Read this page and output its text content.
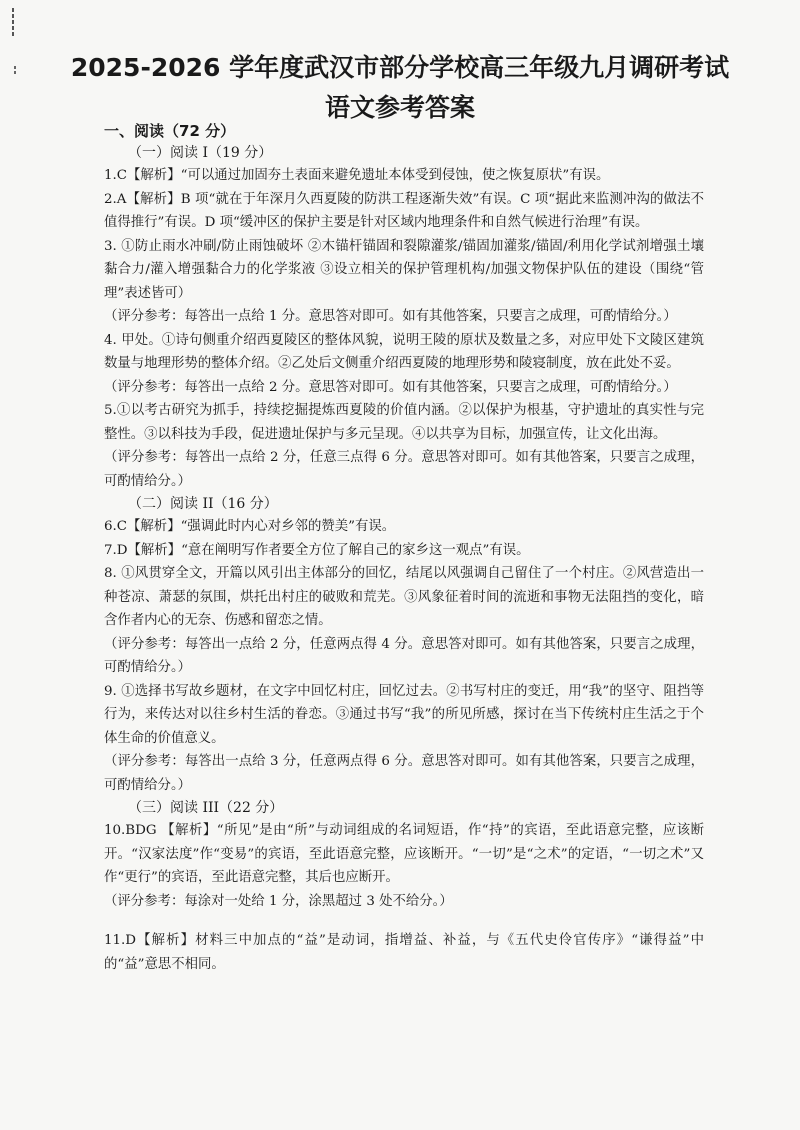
2025-2026 学年度武汉市部分学校高三年级九月调研考试
语文参考答案
一、阅读（72 分）
（一）阅读 I（19 分）

1.C【解析】“可以通过加固夯土表面来避免遗址本体受到侵蚀，使之恢复原状”有误。

2.A【解析】B 项“就在于年深月久西夏陵的防洪工程逐渐失效”有误。C 项“据此来监测冲沟的做法不值得推行”有误。D 项“缓冲区的保护主要是针对区域内地理条件和自然气候进行治理”有误。

3. ①防止雨水冲刷/防止雨蚀破坏 ②木锚杆锚固和裂隙灌浆/锚固加灌浆/锚固/利用化学试剂增强土壤黏合力/灌入增强黏合力的化学浆液 ③设立相关的保护管理机构/加强文物保护队伍的建设（围绕“管理”表述皆可）

（评分参考：每答出一点给 1 分。意思答对即可。如有其他答案，只要言之成理，可酌情给分。）

4. 甲处。①诗句侧重介绍西夏陵区的整体风貌，说明王陵的原状及数量之多，对应甲处下文陵区建筑数量与地理形势的整体介绍。②乙处后文侧重介绍西夏陵的地理形势和陵寝制度，放在此处不妥。

（评分参考：每答出一点给 2 分。意思答对即可。如有其他答案，只要言之成理，可酌情给分。）

5.①以考古研究为抓手，持续挖掘提炼西夏陵的价值内涵。②以保护为根基，守护遗址的真实性与完整性。③以科技为手段，促进遗址保护与多元呈现。④以共享为目标，加强宣传，让文化出海。

（评分参考：每答出一点给 2 分，任意三点得 6 分。意思答对即可。如有其他答案，只要言之成理，可酌情给分。）

（二）阅读 II（16 分）

6.C【解析】“强调此时内心对乡邻的赞美”有误。

7.D【解析】“意在阐明写作者要全方位了解自己的家乡这一观点”有误。

8. ①风贯穿全文，开篇以风引出主体部分的回忆，结尾以风强调自己留住了一个村庄。②风营造出一种苍凉、萧瑟的氛围，烘托出村庄的破败和荒芜。③风象征着时间的流逝和事物无法阻挡的变化，暗含作者内心的无奈、伤感和留恋之情。

（评分参考：每答出一点给 2 分，任意两点得 4 分。意思答对即可。如有其他答案，只要言之成理，可酌情给分。）

9. ①选择书写故乡题材，在文字中回忆村庄，回忆过去。②书写村庄的变迁，用“我”的坚守、阻挡等行为，来传达对以往乡村生活的眷恋。③通过书写“我”的所见所感，探讨在当下传统村庄生活之于个体生命的价值意义。

（评分参考：每答出一点给 3 分，任意两点得 6 分。意思答对即可。如有其他答案，只要言之成理，可酌情给分。）

（三）阅读 III（22 分）

10.BDG 【解析】“所见”是由“所”与动词组成的名词短语，作“持”的宾语，至此语意完整，应该断开。“汉家法度”作“变易”的宾语，至此语意完整，应该断开。“一切”是“之术”的定语，“一切之术”又作“更行”的宾语，至此语意完整，其后也应断开。

（评分参考：每涂对一处给 1 分，涂黑超过 3 处不给分。）

11.D【解析】材料三中加点的“益”是动词，指增益、补益，与《五代史伶官传序》“谦得益”中的“益”意思不相同。
